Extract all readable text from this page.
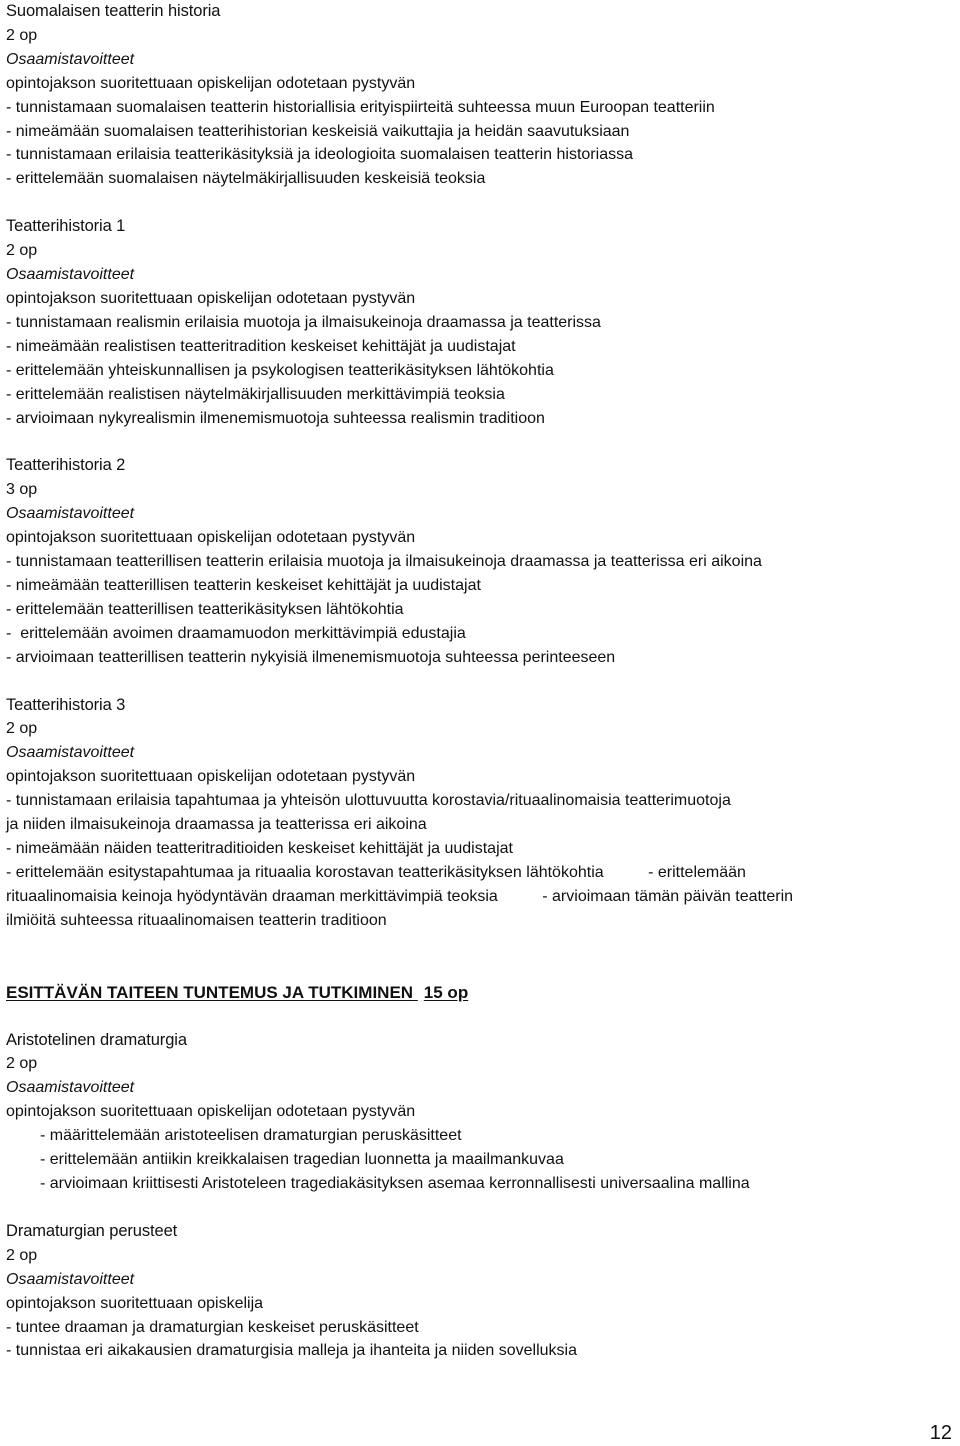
Suomalaisen teatterin historia
2 op
Osaamistavoitteet
opintojakson suoritettuaan opiskelijan odotetaan pystyvän
- tunnistamaan suomalaisen teatterin historiallisia erityispiirteitä suhteessa muun Euroopan teatteriin
- nimeämään suomalaisen teatterihistorian keskeisiä vaikuttajia ja heidän saavutuksiaan
- tunnistamaan erilaisia teatterikäsityksiä ja ideologioita suomalaisen teatterin historiassa
- erittelemään suomalaisen näytelmäkirjallisuuden keskeisiä teoksia
Teatterihistoria 1
2 op
Osaamistavoitteet
opintojakson suoritettuaan opiskelijan odotetaan pystyvän
- tunnistamaan realismin erilaisia muotoja ja ilmaisukeinoja draamassa ja teatterissa
- nimeämään realistisen teatteritradition keskeiset kehittäjät ja uudistajat
- erittelemään yhteiskunnallisen ja psykologisen teatterikäsityksen lähtökohtia
- erittelemään realistisen näytelmäkirjallisuuden merkittävimpiä teoksia
- arvioimaan nykyrealismin ilmenemismuotoja suhteessa realismin traditioon
Teatterihistoria 2
3 op
Osaamistavoitteet
opintojakson suoritettuaan opiskelijan odotetaan pystyvän
- tunnistamaan teatterillisen teatterin erilaisia muotoja ja ilmaisukeinoja draamassa ja teatterissa eri aikoina
- nimeämään teatterillisen teatterin keskeiset kehittäjät ja uudistajat
- erittelemään teatterillisen teatterikäsityksen lähtökohtia
-  erittelemään avoimen draamamuodon merkittävimpiä edustajia
- arvioimaan teatterillisen teatterin nykyisiä ilmenemismuotoja suhteessa perinteeseen
Teatterihistoria 3
2 op
Osaamistavoitteet
opintojakson suoritettuaan opiskelijan odotetaan pystyvän
- tunnistamaan erilaisia tapahtumaa ja yhteisön ulottuvuutta korostavia/rituaalinomaisia teatterimuotoja
ja niiden ilmaisukeinoja draamassa ja teatterissa eri aikoina
- nimeämään näiden teatteritraditioiden keskeiset kehittäjät ja uudistajat
- erittelemään esitystapahtumaa ja rituaalia korostavan teatterikäsityksen lähtökohtia          - erittelemään
rituaalinomaisia keinoja hyödyntävän draaman merkittävimpiä teoksia          - arvioimaan tämän päivän teatterin
ilmiöitä suhteessa rituaalinomaisen teatterin traditioon
ESITTÄVÄN TAITEEN TUNTEMUS JA TUTKIMINEN 15 op
Aristotelinen dramaturgia
2 op
Osaamistavoitteet
opintojakson suoritettuaan opiskelijan odotetaan pystyvän
- määrittelemään aristoteelisen dramaturgian peruskäsitteet
- erittelemään antiikin kreikkalaisen tragedian luonnetta ja maailmankuvaa
- arvioimaan kriittisesti Aristoteleen tragediakäsityksen asemaa kerronnallisesti universaalina mallina
Dramaturgian perusteet
2 op
Osaamistavoitteet
opintojakson suoritettuaan opiskelija
- tuntee draaman ja dramaturgian keskeiset peruskäsitteet
- tunnistaa eri aikakausien dramaturgisia malleja ja ihanteita ja niiden sovelluksia
12
